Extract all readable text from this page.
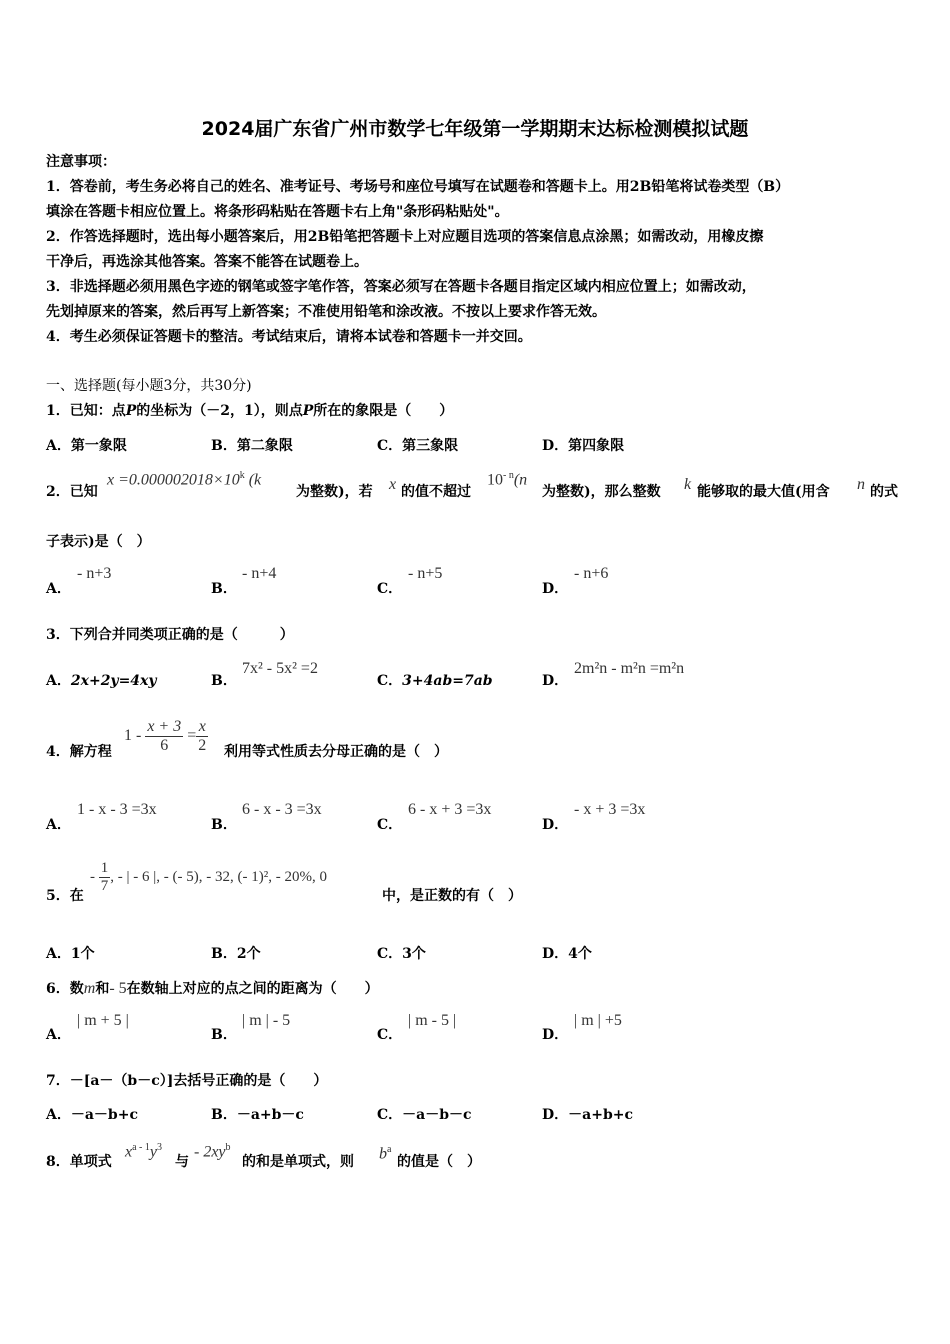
2024届广东省广州市数学七年级第一学期期末达标检测模拟试题
注意事项：
1．答卷前，考生务必将自己的姓名、准考证号、考场号和座位号填写在试题卷和答题卡上。用2B铅笔将试卷类型（B）
填涂在答题卡相应位置上。将条形码粘贴在答题卡右上角"条形码粘贴处"。
2．作答选择题时，选出每小题答案后，用2B铅笔把答题卡上对应题目选项的答案信息点涂黑；如需改动，用橡皮擦
干净后，再选涂其他答案。答案不能答在试题卷上。
3．非选择题必须用黑色字迹的钢笔或签字笔作答，答案必须写在答题卡各题目指定区域内相应位置上；如需改动，
先划掉原来的答案，然后再写上新答案；不准使用铅笔和涂改液。不按以上要求作答无效。
4．考生必须保证答题卡的整洁。考试结束后，请将本试卷和答题卡一并交回。
一、选择题(每小题3分，共30分)
1．已知：点P的坐标为（－2，1），则点P所在的象限是（　　）
A．第一象限	B．第二象限	C．第三象限	D．第四象限
2．已知
$x =0.000002018\times 10^k$ (k
为整数)，若 x 的值不超过
$10^{- n}(n$
为整数)，那么整数 k 能够取的最大值(用含 n 的式
子表示)是（　）
A．
- n+3
B．
- n+4
C．
- n+5
D．
- n+6
3．下列合并同类项正确的是（　　　）
A．2x+2y=4xy	B．
7x² - 5x² =2
C．3+4ab=7ab	D．
2m²n - m²n =m²n
4．解方程
$1 - \frac{x + 3}{6} = \frac{x}{2}$ 利用等式性质去分母正确的是（　）
A．
1 - x - 3 =3x
B．
6 - x - 3 =3x
C．
6 - x + 3 =3x
D．
- x + 3 =3x
5．在
- $\frac{1}{7}$ , - | - 6 |, - (- 5), - 32, (- 1)², - 20%, 0
中，是正数的有（　）
A．1个	B．2个	C．3个	D．4个
6．数m和- 5在数轴上对应的点之间的距离为（　　）
A．
| m + 5 |
B．
| m | - 5
C．
| m - 5 |
D．
| m | +5
7．－[a－（b－c）]去括号正确的是（　　）
A．－a－b+c	B．－a+b－c	C．－a－b－c	D．－a+b+c
8．单项式
$x^{a - 1}y^3$
与
- $2xy^b$
的和是单项式，则 $b^a$
的值是（　）
